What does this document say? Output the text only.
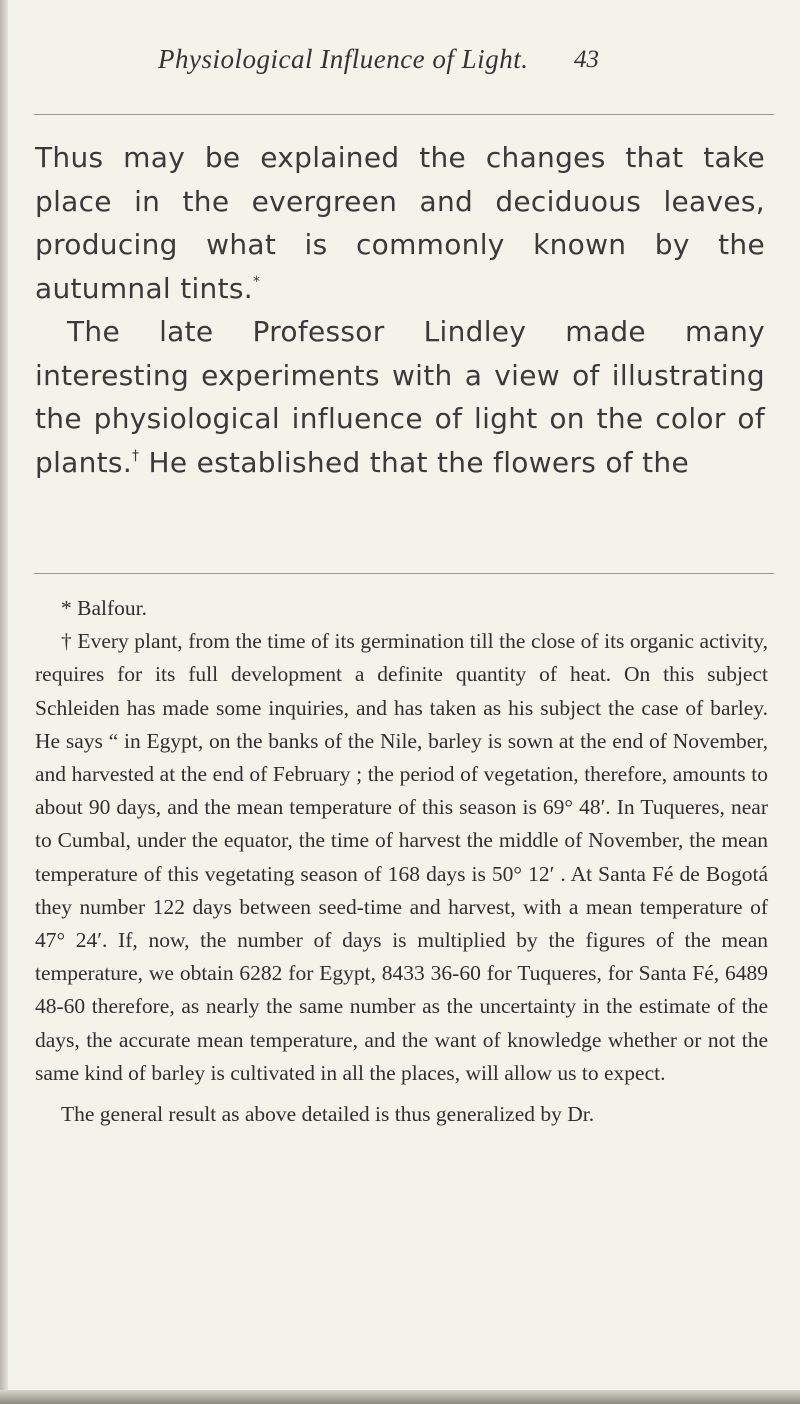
Physiological Influence of Light. 43

Thus may be explained the changes that take place in the evergreen and deciduous leaves, producing what is commonly known by the autumnal tints.*

The late Professor Lindley made many interesting experiments with a view of illustrating the physiological influence of light on the color of plants.† He established that the flowers of the

* Balfour.

† Every plant, from the time of its germination till the close of its organic activity, requires for its full development a definite quantity of heat. On this subject Schleiden has made some inquiries, and has taken as his subject the case of barley. He says “ in Egypt, on the banks of the Nile, barley is sown at the end of November, and harvested at the end of February ; the period of vegetation, therefore, amounts to about 90 days, and the mean temperature of this season is 69° 48′. In Tuqueres, near to Cumbal, under the equator, the time of harvest the middle of November, the mean temperature of this vegetating season of 168 days is 50° 12′ . At Santa Fé de Bogotá they number 122 days between seed-time and harvest, with a mean temperature of 47° 24′. If, now, the number of days is multiplied by the figures of the mean temperature, we obtain 6282 for Egypt, 8433 36-60 for Tuqueres, for Santa Fé, 6489 48-60 therefore, as nearly the same number as the uncertainty in the estimate of the days, the accurate mean temperature, and the want of knowledge whether or not the same kind of barley is cultivated in all the places, will allow us to expect.

The general result as above detailed is thus generalized by Dr.
